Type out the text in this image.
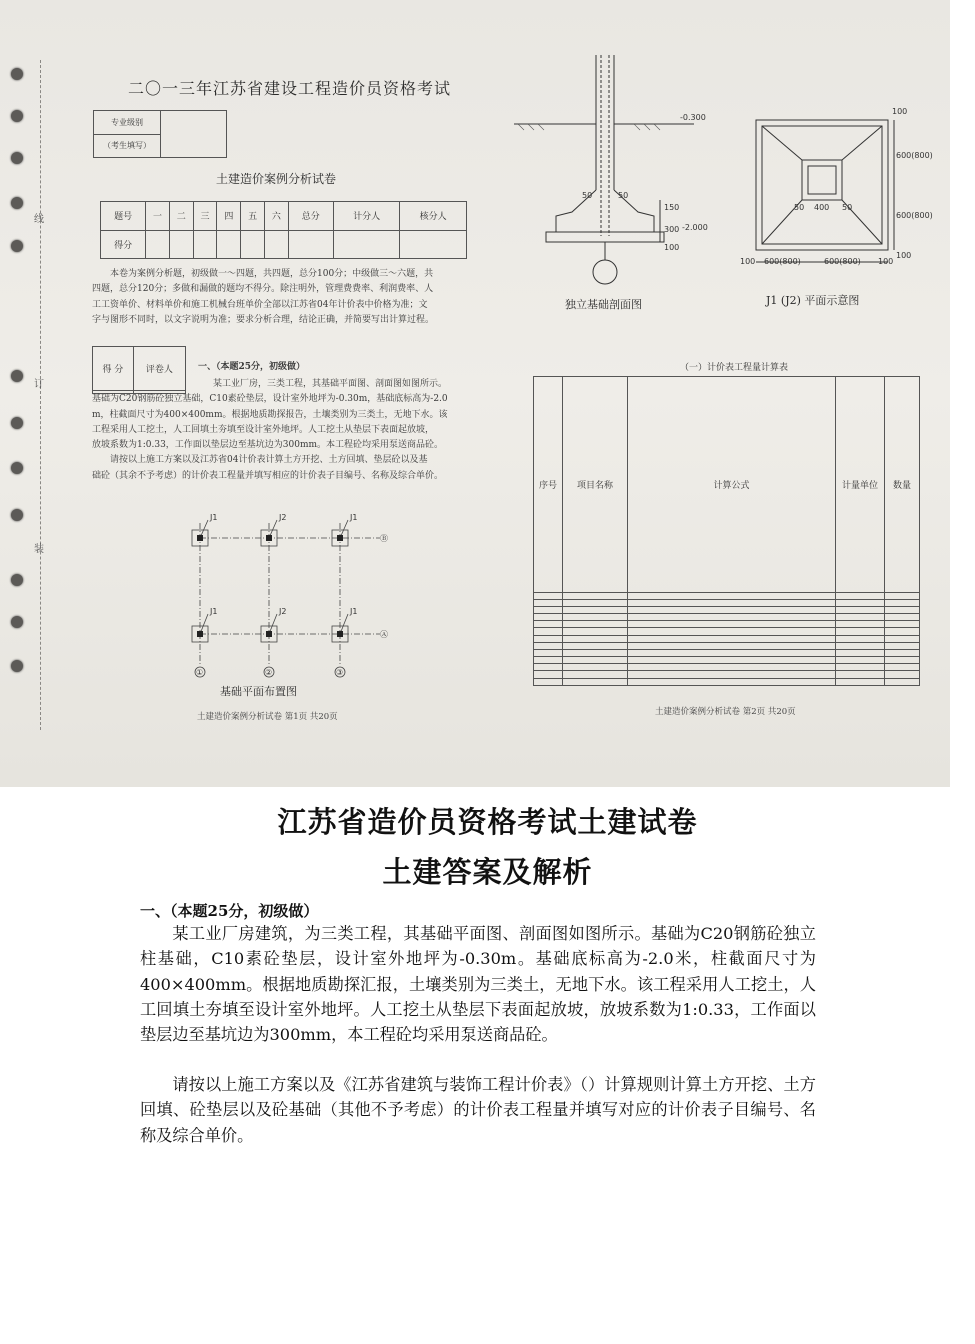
线
订
装
二〇一三年江苏省建设工程造价员资格考试
专业级别	
（考生填写）
土建造价案例分析试卷
题号	一	二	三	四	五	六	总分	计分人	核分人
得分									
本卷为案例分析题，初级做一～四题，共四题，总分100分；中级做三～六题，共
四题，总分120分；多做和漏做的题均不得分。除注明外，管理费费率、利润费率、人
工工资单价、材料单价和施工机械台班单价全部以江苏省04年计价表中价格为准；文
字与图形不同时，以文字说明为准；要求分析合理，结论正确，并简要写出计算过程。
得 分	评卷人
		一、（本题25分，初级做）
某工业厂房，三类工程，其基础平面图、剖面图如图所示。
基础为C20钢筋砼独立基础，C10素砼垫层，设计室外地坪为-0.30m，基础底标高为-2.0
m，柱截面尺寸为400×400mm。根据地质勘探报告，土壤类别为三类土，无地下水。该
工程采用人工挖土，人工回填土夯填至设计室外地坪。人工挖土从垫层下表面起放坡，
放坡系数为1:0.33，工作面以垫层边至基坑边为300mm。本工程砼均采用泵送商品砼。
请按以上施工方案以及江苏省04计价表计算土方开挖、土方回填、垫层砼以及基
础砼（其余不予考虑）的计价表工程量并填写相应的计价表子目编号、名称及综合单价。
J1	J2	J1
J1	J2	J1
①	②	③
Ⓑ
Ⓐ
基础平面布置图
土建造价案例分析试卷 第1页 共20页
-0.300
-2.000
50	50
150
300
100
独立基础剖面图
100
600(800)
600(800)
100
400
50	50
100 600(800)	600(800) 100
J1 (J2) 平面示意图
（一）计价表工程量计算表
序号	项目名称	计算公式	计量单位	数量

土建造价案例分析试卷 第2页 共20页
江苏省造价员资格考试土建试卷
土建答案及解析
一、（本题25分，初级做）
某工业厂房建筑，为三类工程，其基础平面图、剖面图如图所示。基础为C20钢筋砼独立柱基础，C10素砼垫层，设计室外地坪为-0.30m。基础底标高为-2.0米，柱截面尺寸为400×400mm。根据地质勘探汇报，土壤类别为三类土，无地下水。该工程采用人工挖土，人工回填土夯填至设计室外地坪。人工挖土从垫层下表面起放坡，放坡系数为1:0.33，工作面以垫层边至基坑边为300mm，本工程砼均采用泵送商品砼。
请按以上施工方案以及《江苏省建筑与装饰工程计价表》（）计算规则计算土方开挖、土方回填、砼垫层以及砼基础（其他不予考虑）的计价表工程量并填写对应的计价表子目编号、名称及综合单价。
